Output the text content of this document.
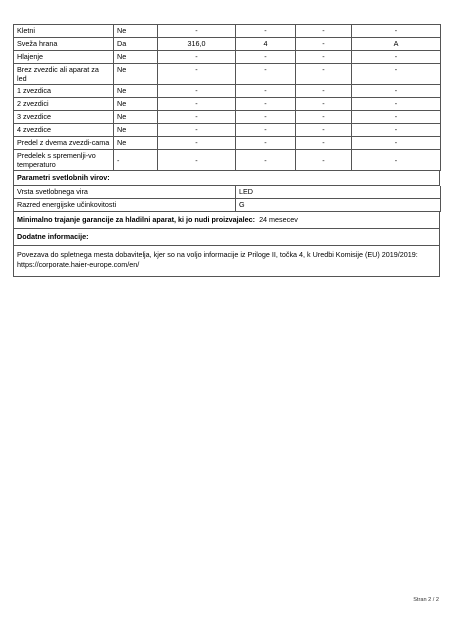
Kletni	Ne	-	-	-	-
Sveža hrana	Da	316,0	4	-	A
Hlajenje	Ne	-	-	-	-
Brez zvezdic ali aparat za led	Ne	-	-	-	-
1 zvezdica	Ne	-	-	-	-
2 zvezdici	Ne	-	-	-	-
3 zvezdice	Ne	-	-	-	-
4 zvezdice	Ne	-	-	-	-
Predel z dvema zvezdi-cama	Ne	-	-	-	-
Predelek s spremenlji-vo temperaturo	-	-	-	-	-
Parametri svetlobnih virov:
Vrsta svetlobnega vira	LED
Razred energijske učinkovitosti	G
Minimalno trajanje garancije za hladilni aparat, ki jo nudi proizvajalec: 24 mesecev
Dodatne informacije:
Povezava do spletnega mesta dobavitelja, kjer so na voljo informacije iz Priloge II, točka 4, k Uredbi Komisije (EU) 2019/2019: https://corporate.haier-europe.com/en/
Stran 2 / 2
